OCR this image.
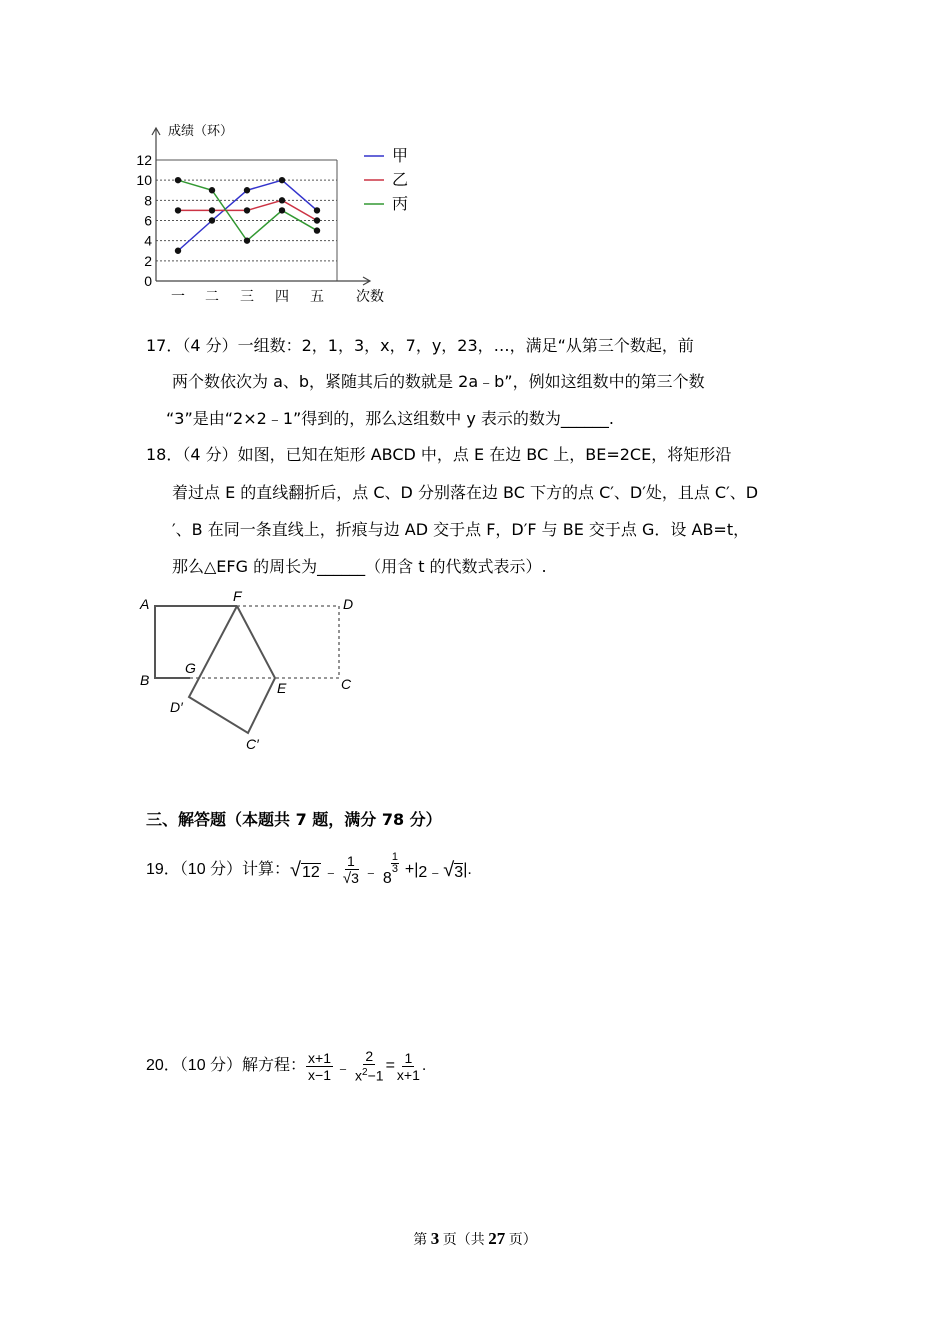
0
2
4
6
8
10
12
成绩（环）
次数
一 二 三 四 五
甲
乙
丙
17．（4 分）一组数：2，1，3，x，7，y，23，…，满足“从第三个数起，前
两个数依次为 a、b，紧随其后的数就是 2a﹣b”，例如这组数中的第三个数
“3”是由“2×2﹣1”得到的，那么这组数中 y 表示的数为______.
18．（4 分）如图，已知在矩形 ABCD 中，点 E 在边 BC 上，BE=2CE，将矩形沿
着过点 E 的直线翻折后，点 C、D 分别落在边 BC 下方的点 C′、D′处，且点 C′、D
′、B 在同一条直线上，折痕与边 AD 交于点 F，D′F 与 BE 交于点 G．设 AB=t，
那么△EFG 的周长为______（用含 t 的代数式表示）.
A	F	D
B
G
E	C
D′
C′
三、解答题（本题共 7 题，满分 78 分）
19．（10 分）计算： √ 12 ﹣ $\frac{1}{√3}$ ﹣ 8
$\frac{1}{3}$ +| 2﹣ √ 3 |.
20．（10 分）解方程： $\frac{x+1}{x-1}$ ﹣ $\frac{2}{x^2-1} = \frac{1}{x+1}$ .
第 3 页（共 27 页）
